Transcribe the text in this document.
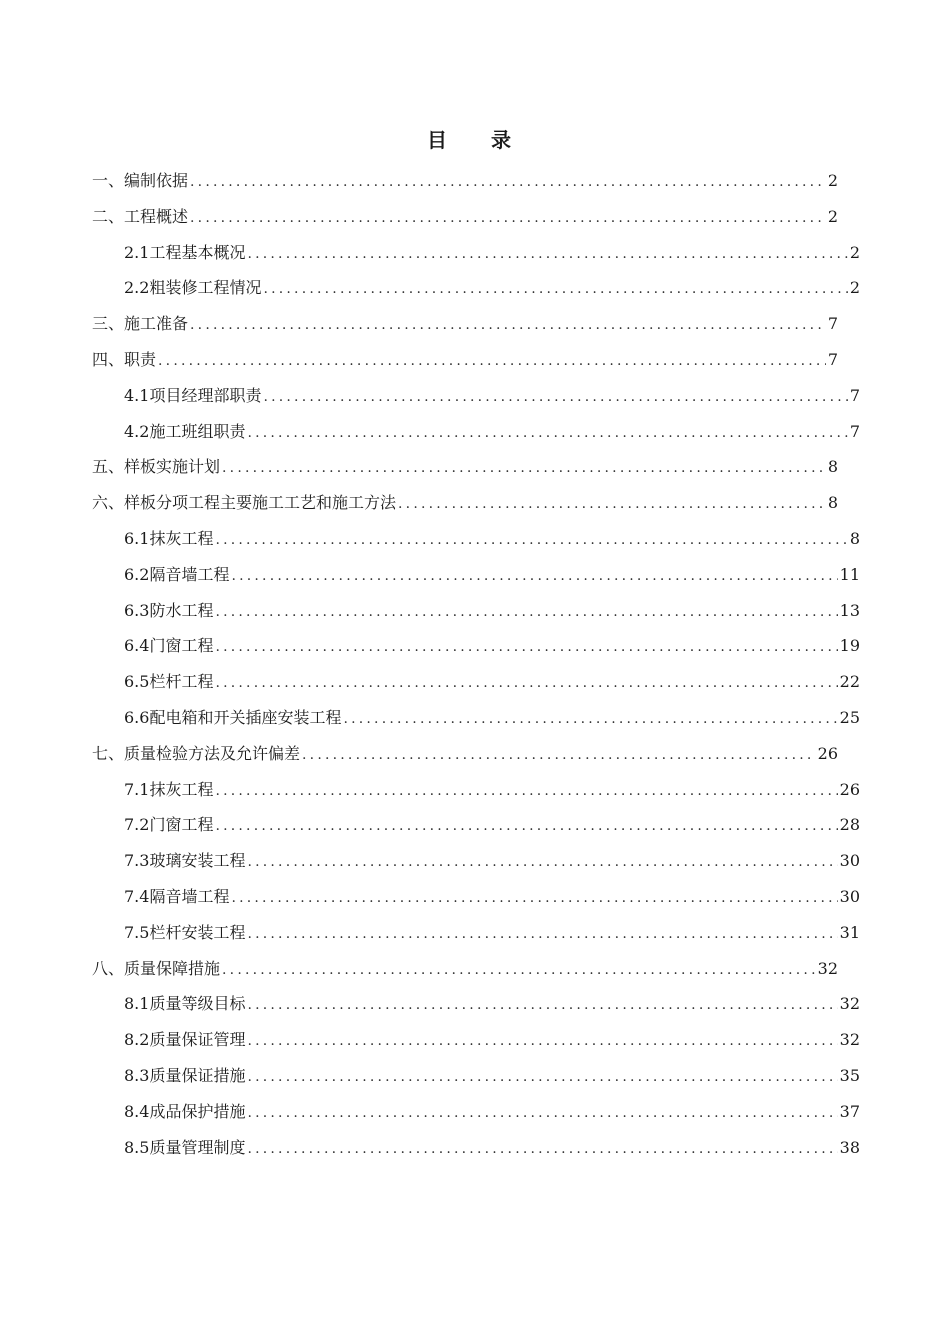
目　录
一、编制依据 .....	2
二、工程概述 .....	2
2.1工程基本概况 .....	2
2.2粗装修工程情况 .....	2
三、施工准备 .....	7
四、职责 .....	7
4.1项目经理部职责 .....	7
4.2施工班组职责 .....	7
五、样板实施计划 .....	8
六、样板分项工程主要施工工艺和施工方法 .....	8
6.1抹灰工程 .....	8
6.2隔音墙工程 .....	11
6.3防水工程 .....	13
6.4门窗工程 .....	19
6.5栏杆工程 .....	22
6.6配电箱和开关插座安装工程 .....	25
七、质量检验方法及允许偏差 .....	26
7.1抹灰工程 .....	26
7.2门窗工程 .....	28
7.3玻璃安装工程 .....	30
7.4隔音墙工程 .....	30
7.5栏杆安装工程 .....	31
八、质量保障措施 .....	32
8.1质量等级目标 .....	32
8.2质量保证管理 .....	32
8.3质量保证措施 .....	35
8.4成品保护措施 .....	37
8.5质量管理制度 .....	38
